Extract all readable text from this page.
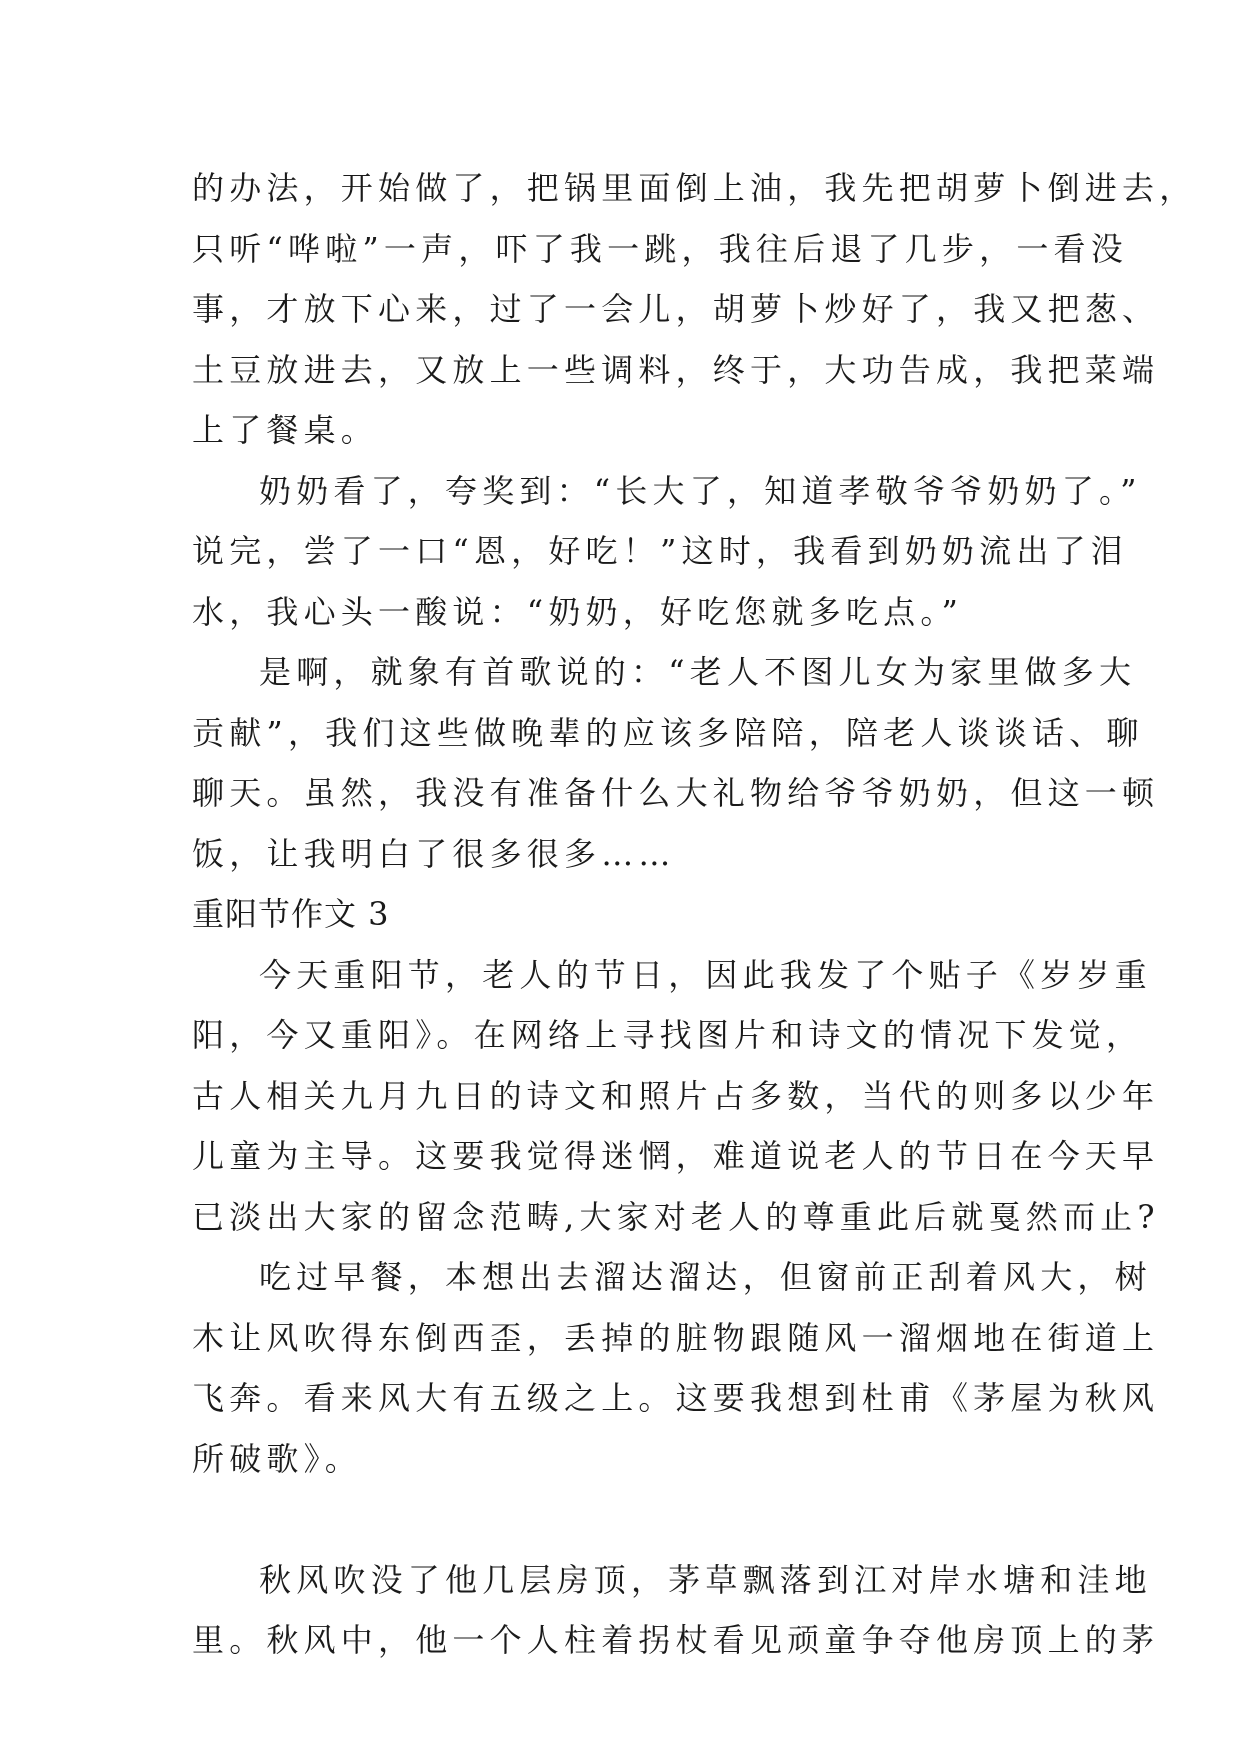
的办法，开始做了，把锅里面倒上油，我先把胡萝卜倒进去，
只听“哗啦”一声，吓了我一跳，我往后退了几步，一看没
事，才放下心来，过了一会儿，胡萝卜炒好了，我又把葱、
土豆放进去，又放上一些调料，终于，大功告成，我把菜端
上了餐桌。
奶奶看了，夸奖到：“长大了，知道孝敬爷爷奶奶了。”
说完，尝了一口“恩，好吃！”这时，我看到奶奶流出了泪
水，我心头一酸说：“奶奶，好吃您就多吃点。”
是啊，就象有首歌说的：“老人不图儿女为家里做多大
贡献”，我们这些做晚辈的应该多陪陪，陪老人谈谈话、聊
聊天。虽然，我没有准备什么大礼物给爷爷奶奶，但这一顿
饭，让我明白了很多很多……
重阳节作文 3
今天重阳节，老人的节日，因此我发了个贴子《岁岁重
阳，今又重阳》。在网络上寻找图片和诗文的情况下发觉，
古人相关九月九日的诗文和照片占多数，当代的则多以少年
儿童为主导。这要我觉得迷惘，难道说老人的节日在今天早
已淡出大家的留念范畴,大家对老人的尊重此后就戛然而止?
吃过早餐，本想出去溜达溜达，但窗前正刮着风大，树
木让风吹得东倒西歪，丢掉的脏物跟随风一溜烟地在街道上
飞奔。看来风大有五级之上。这要我想到杜甫《茅屋为秋风
所破歌》。
秋风吹没了他几层房顶，茅草飘落到江对岸水塘和洼地
里。秋风中，他一个人柱着拐杖看见顽童争夺他房顶上的茅
